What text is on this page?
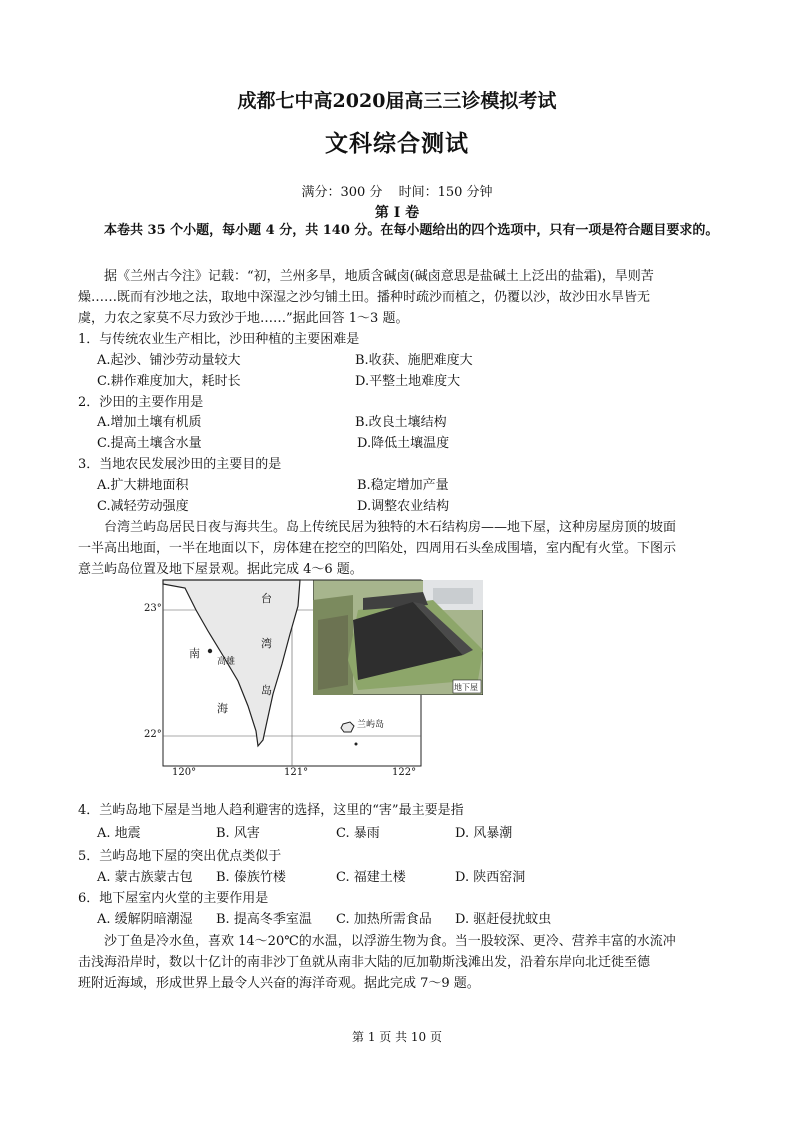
成都七中高2020届高三三诊模拟考试
文科综合测试
满分：300 分 时间：150 分钟
第 Ⅰ 卷
本卷共 35 个小题，每小题 4 分，共 140 分。在每小题给出的四个选项中，只有一项是符合题目要求的。
据《兰州古今注》记载：“初，兰州多旱，地质含碱卤(碱卤意思是盐碱土上泛出的盐霜)，旱则苦
燥……既而有沙地之法，取地中深湿之沙匀铺土田。播种时疏沙而植之，仍覆以沙，故沙田水旱皆无
虞，力农之家莫不尽力致沙于地……”据此回答 1～3 题。
1．与传统农业生产相比，沙田种植的主要困难是
A.起沙、铺沙劳动量较大	B.收获、施肥难度大
C.耕作难度加大，耗时长	D.平整土地难度大
2．沙田的主要作用是
A.增加土壤有机质	B.改良土壤结构
C.提高土壤含水量	D.降低土壤温度
3．当地农民发展沙田的主要目的是
A.扩大耕地面积	B.稳定增加产量
C.减轻劳动强度	D.调整农业结构
台湾兰屿岛居民日夜与海共生。岛上传统民居为独特的木石结构房——地下屋，这种房屋房顶的坡面
一半高出地面，一半在地面以下，房体建在挖空的凹陷处，四周用石头垒成围墙，室内配有火堂。下图示
意兰屿岛位置及地下屋景观。据此完成 4～6 题。
23°
22°
120°	121°	122°
台
湾
岛
南
海
高雄
兰屿岛
地下屋
4．兰屿岛地下屋是当地人趋利避害的选择，这里的“害”最主要是指
A. 地震	B. 风害	C. 暴雨	D. 风暴潮
5．兰屿岛地下屋的突出优点类似于
A. 蒙古族蒙古包 B. 傣族竹楼	C. 福建土楼	D. 陕西窑洞
6．地下屋室内火堂的主要作用是
A. 缓解阴暗潮湿 B. 提高冬季室温 C. 加热所需食品 D. 驱赶侵扰蚊虫
沙丁鱼是冷水鱼，喜欢 14～20℃的水温，以浮游生物为食。当一股较深、更冷、营养丰富的水流冲
击浅海沿岸时，数以十亿计的南非沙丁鱼就从南非大陆的厄加勒斯浅滩出发，沿着东岸向北迁徙至德
班附近海域，形成世界上最令人兴奋的海洋奇观。据此完成 7～9 题。
第 1 页 共 10 页
